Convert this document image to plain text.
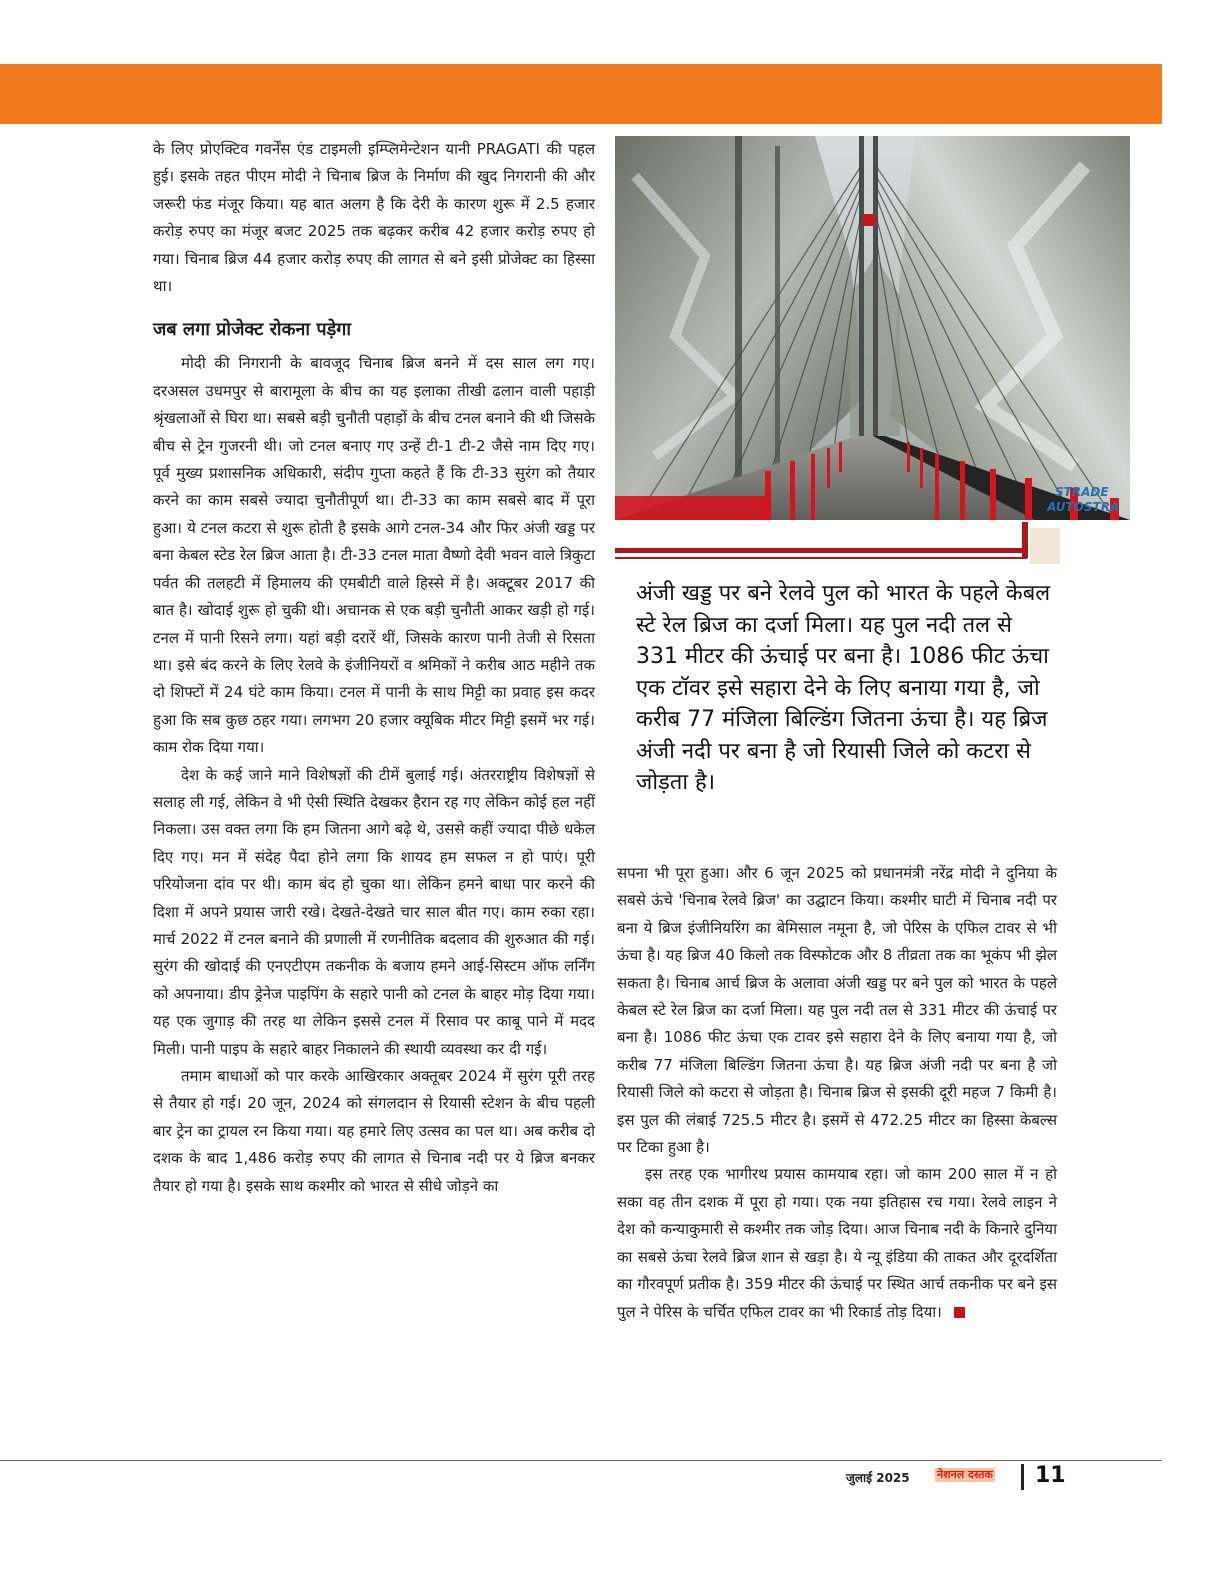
के लिए प्रोएक्टिव गवर्नेंस एंड टाइमली इम्प्लिमेन्टेशन यानी PRAGATI की पहल हुई। इसके तहत पीएम मोदी ने चिनाब ब्रिज के निर्माण की खुद निगरानी की और जरूरी फंड मंजूर किया। यह बात अलग है कि देरी के कारण शुरू में 2.5 हजार करोड़ रुपए का मंजूर बजट 2025 तक बढ़कर करीब 42 हजार करोड़ रुपए हो गया। चिनाब ब्रिज 44 हजार करोड़ रुपए की लागत से बने इसी प्रोजेक्ट का हिस्सा था।

जब लगा प्रोजेक्ट रोकना पड़ेगा

मोदी की निगरानी के बावजूद चिनाब ब्रिज बनने में दस साल लग गए। दरअसल उधमपुर से बारामूला के बीच का यह इलाका तीखी ढलान वाली पहाड़ी श्रृंखलाओं से घिरा था। सबसे बड़ी चुनौती पहाड़ों के बीच टनल बनाने की थी जिसके बीच से ट्रेन गुजरनी थी। जो टनल बनाए गए उन्हें टी-1 टी-2 जैसे नाम दिए गए। पूर्व मुख्य प्रशासनिक अधिकारी, संदीप गुप्ता कहते हैं कि टी-33 सुरंग को तैयार करने का काम सबसे ज्यादा चुनौतीपूर्ण था। टी-33 का काम सबसे बाद में पूरा हुआ। ये टनल कटरा से शुरू होती है इसके आगे टनल-34 और फिर अंजी खड्ड पर बना केबल स्टेड रेल ब्रिज आता है। टी-33 टनल माता वैष्णो देवी भवन वाले त्रिकुटा पर्वत की तलहटी में हिमालय की एमबीटी वाले हिस्से में है। अक्टूबर 2017 की बात है। खोदाई शुरू हो चुकी थी। अचानक से एक बड़ी चुनौती आकर खड़ी हो गई। टनल में पानी रिसने लगा। यहां बड़ी दरारें थीं, जिसके कारण पानी तेजी से रिसता था। इसे बंद करने के लिए रेलवे के इंजीनियरों व श्रमिकों ने करीब आठ महीने तक दो शिफ्टों में 24 घंटे काम किया। टनल में पानी के साथ मिट्टी का प्रवाह इस कदर हुआ कि सब कुछ ठहर गया। लगभग 20 हजार क्यूबिक मीटर मिट्टी इसमें भर गई। काम रोक दिया गया।

देश के कई जाने माने विशेषज्ञों की टीमें बुलाई गई। अंतरराष्ट्रीय विशेषज्ञों से सलाह ली गई, लेकिन वे भी ऐसी स्थिति देखकर हैरान रह गए लेकिन कोई हल नहीं निकला। उस वक्त लगा कि हम जितना आगे बढ़े थे, उससे कहीं ज्यादा पीछे धकेल दिए गए। मन में संदेह पैदा होने लगा कि शायद हम सफल न हो पाएं। पूरी परियोजना दांव पर थी। काम बंद हो चुका था। लेकिन हमने बाधा पार करने की दिशा में अपने प्रयास जारी रखे। देखते-देखते चार साल बीत गए। काम रुका रहा। मार्च 2022 में टनल बनाने की प्रणाली में रणनीतिक बदलाव की शुरुआत की गई। सुरंग की खोदाई की एनएटीएम तकनीक के बजाय हमने आई-सिस्टम ऑफ लर्निंग को अपनाया। डीप ड्रेनेज पाइपिंग के सहारे पानी को टनल के बाहर मोड़ दिया गया। यह एक जुगाड़ की तरह था लेकिन इससे टनल में रिसाव पर काबू पाने में मदद मिली। पानी पाइप के सहारे बाहर निकालने की स्थायी व्यवस्था कर दी गई।

तमाम बाधाओं को पार करके आखिरकार अक्तूबर 2024 में सुरंग पूरी तरह से तैयार हो गई। 20 जून, 2024 को संगलदान से रियासी स्टेशन के बीच पहली बार ट्रेन का ट्रायल रन किया गया। यह हमारे लिए उत्सव का पल था। अब करीब दो दशक के बाद 1,486 करोड़ रुपए की लागत से चिनाब नदी पर ये ब्रिज बनकर तैयार हो गया है। इसके साथ कश्मीर को भारत से सीधे जोड़ने का

STRADE
AUTOSTRA
अंजी खड्ड पर बने रेलवे पुल को भारत के पहले केबल स्टे रेल ब्रिज का दर्जा मिला। यह पुल नदी तल से 331 मीटर की ऊंचाई पर बना है। 1086 फीट ऊंचा एक टॉवर इसे सहारा देने के लिए बनाया गया है, जो करीब 77 मंजिला बिल्डिंग जितना ऊंचा है। यह ब्रिज अंजी नदी पर बना है जो रियासी जिले को कटरा से जोड़ता है।

सपना भी पूरा हुआ। और 6 जून 2025 को प्रधानमंत्री नरेंद्र मोदी ने दुनिया के सबसे ऊंचे 'चिनाब रेलवे ब्रिज' का उद्घाटन किया। कश्मीर घाटी में चिनाब नदी पर बना ये ब्रिज इंजीनियरिंग का बेमिसाल नमूना है, जो पेरिस के एफिल टावर से भी ऊंचा है। यह ब्रिज 40 किलो तक विस्फोटक और 8 तीव्रता तक का भूकंप भी झेल सकता है। चिनाब आर्च ब्रिज के अलावा अंजी खड्ड पर बने पुल को भारत के पहले केबल स्टे रेल ब्रिज का दर्जा मिला। यह पुल नदी तल से 331 मीटर की ऊंचाई पर बना है। 1086 फीट ऊंचा एक टावर इसे सहारा देने के लिए बनाया गया है, जो करीब 77 मंजिला बिल्डिंग जितना ऊंचा है। यह ब्रिज अंजी नदी पर बना है जो रियासी जिले को कटरा से जोड़ता है। चिनाब ब्रिज से इसकी दूरी महज 7 किमी है। इस पुल की लंबाई 725.5 मीटर है। इसमें से 472.25 मीटर का हिस्सा केबल्स पर टिका हुआ है।

इस तरह एक भागीरथ प्रयास कामयाब रहा। जो काम 200 साल में न हो सका वह तीन दशक में पूरा हो गया। एक नया इतिहास रच गया। रेलवे लाइन ने देश को कन्याकुमारी से कश्मीर तक जोड़ दिया। आज चिनाब नदी के किनारे दुनिया का सबसे ऊंचा रेलवे ब्रिज शान से खड़ा है। ये न्यू इंडिया की ताकत और दूरदर्शिता का गौरवपूर्ण प्रतीक है। 359 मीटर की ऊंचाई पर स्थित आर्च तकनीक पर बने इस पुल ने पेरिस के चर्चित एफिल टावर का भी रिकार्ड तोड़ दिया।

जुलाई 2025 नेशनल दस्तक 11
